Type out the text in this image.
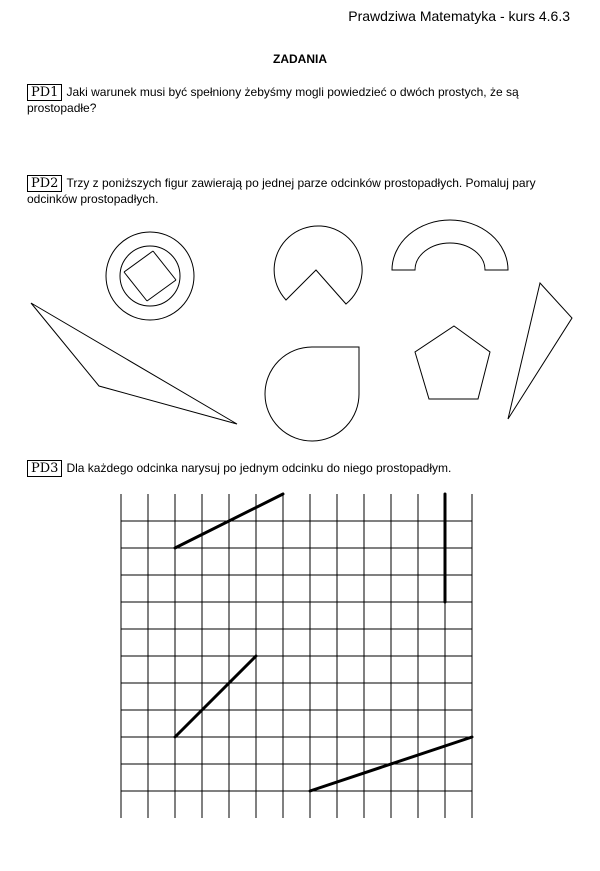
Prawdziwa Matematyka - kurs 4.6.3
ZADANIA
PD1 Jaki warunek musi być spełniony żebyśmy mogli powiedzieć o dwóch prostych, że są prostopadłe?
PD2 Trzy z poniższych figur zawierają po jednej parze odcinków prostopadłych. Pomaluj pary odcinków prostopadłych.
PD3 Dla każdego odcinka narysuj po jednym odcinku do niego prostopadłym.
